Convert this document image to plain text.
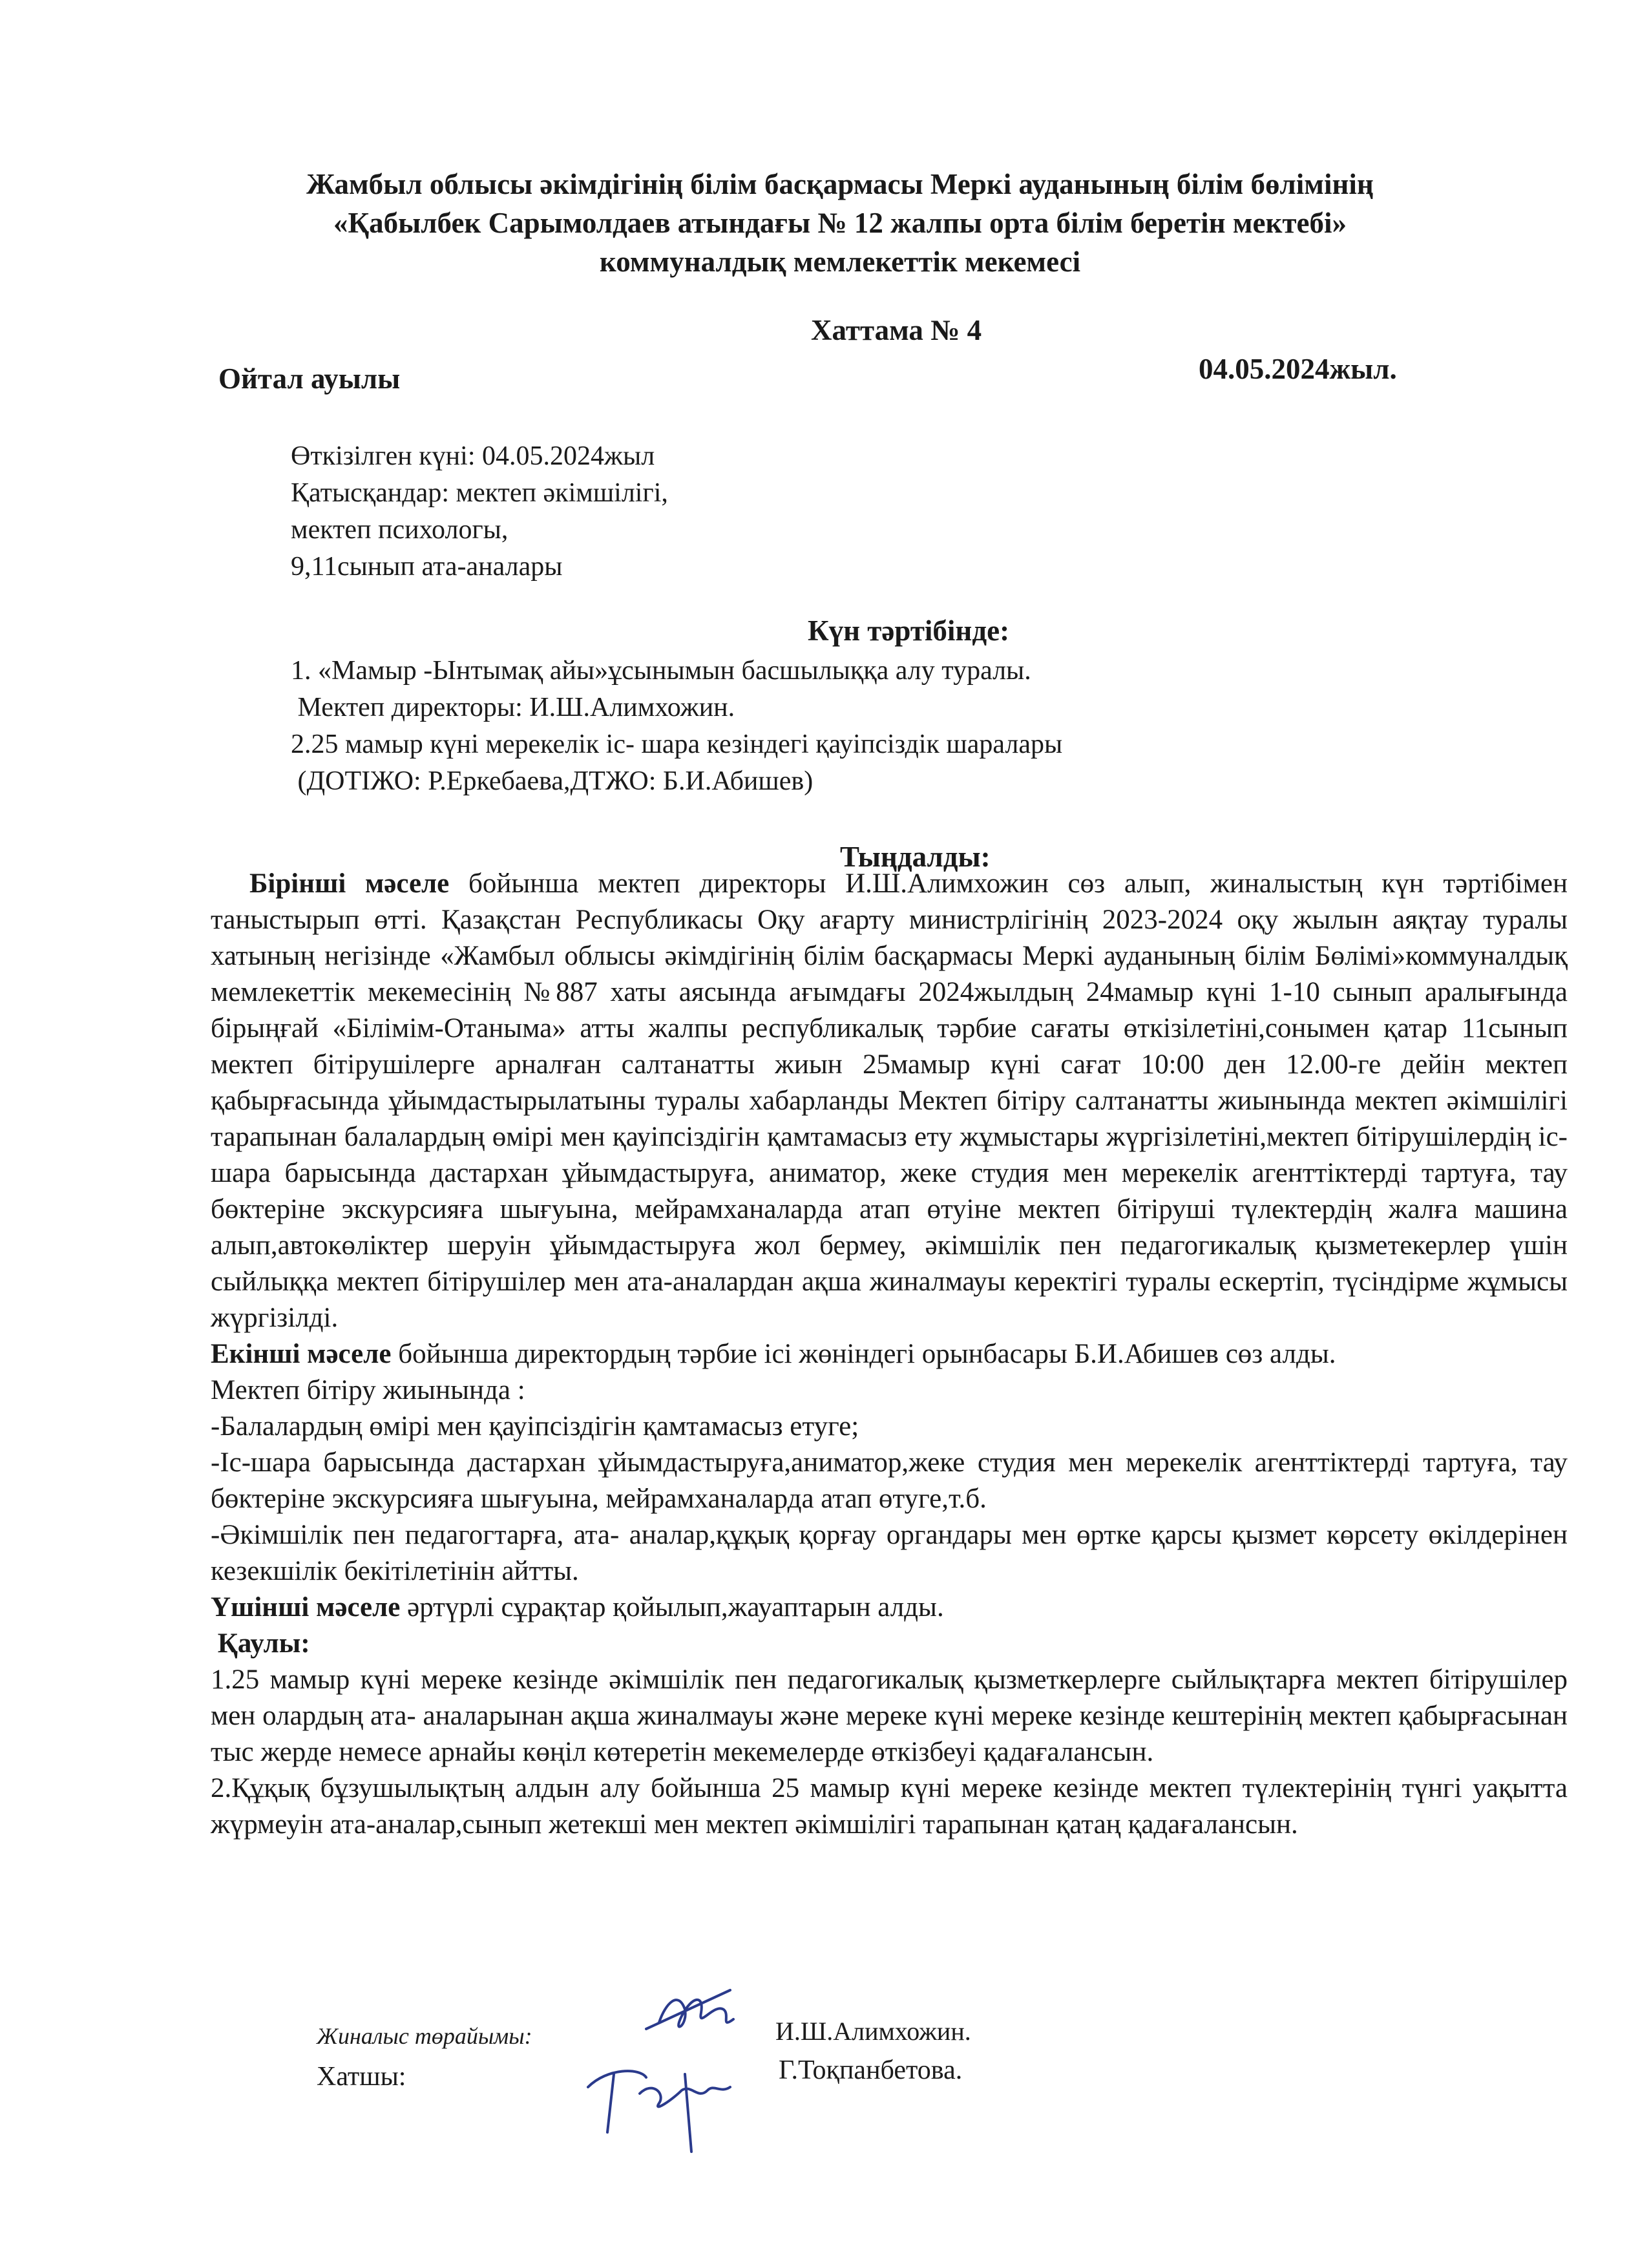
Жамбыл облысы әкімдігінің білім басқармасы Меркі ауданының білім бөлімінің
«Қабылбек Сарымолдаев атындағы № 12 жалпы орта білім беретін мектебі»
коммуналдық мемлекеттік мекемесі
Хаттама № 4
Ойтал ауылы	04.05.2024жыл.
Өткізілген күні: 04.05.2024жыл
Қатысқандар: мектеп әкімшілігі,
мектеп психологы,
9,11сынып ата-аналары
Күн тәртібінде:
1. «Мамыр -Ынтымақ айы»ұсынымын басшылыққа алу туралы.
Мектеп директоры: И.Ш.Алимхожин.
2.25 мамыр күні мерекелік іс- шара кезіндегі қауіпсіздік шаралары
(ДОТІЖО: Р.Еркебаева,ДТЖО: Б.И.Абишев)
Тыңдалды:

Бірінші мәселе бойынша мектеп директоры И.Ш.Алимхожин сөз алып, жиналыстың күн тәртібімен таныстырып өтті. Қазақстан Республикасы Оқу ағарту министрлігінің 2023-2024 оқу жылын аяқтау туралы хатының негізінде «Жамбыл облысы әкімдігінің білім басқармасы Меркі ауданының білім Бөлімі»коммуналдық мемлекеттік мекемесінің №887 хаты аясында ағымдағы 2024жылдың 24мамыр күні 1-10 сынып аралығында бірыңғай «Білімім-Отаныма» атты жалпы республикалық тәрбие сағаты өткізілетіні,сонымен қатар 11сынып мектеп бітірушілерге арналған салтанатты жиын 25мамыр күні сағат 10:00 ден 12.00-ге дейін мектеп қабырғасында ұйымдастырылатыны туралы хабарланды Мектеп бітіру салтанатты жиынында мектеп әкімшілігі тарапынан балалардың өмірі мен қауіпсіздігін қамтамасыз ету жұмыстары жүргізілетіні,мектеп бітірушілердің іс- шара барысында дастархан ұйымдастыруға, аниматор, жеке студия мен мерекелік агенттіктерді тартуға, тау бөктеріне экскурсияға шығуына, мейрамханаларда атап өтуіне мектеп бітіруші түлектердің жалға машина алып,автокөліктер шеруін ұйымдастыруға жол бермеу, әкімшілік пен педагогикалық қызметекерлер үшін сыйлыққа мектеп бітірушілер мен ата-аналардан ақша жиналмауы керектігі туралы ескертіп, түсіндірме жұмысы жүргізілді.

Екінші мәселе бойынша директордың тәрбие ісі жөніндегі орынбасары Б.И.Абишев сөз алды.

Мектеп бітіру жиынында :

-Балалардың өмірі мен қауіпсіздігін қамтамасыз етуге;

-Іс-шара барысында дастархан ұйымдастыруға,аниматор,жеке студия мен мерекелік агенттіктерді тартуға, тау бөктеріне экскурсияға шығуына, мейрамханаларда атап өтуге,т.б.

-Әкімшілік пен педагогтарға, ата- аналар,құқық қорғау органдары мен өртке қарсы қызмет көрсету өкілдерінен кезекшілік бекітілетінін айтты.

Үшінші мәселе әртүрлі сұрақтар қойылып,жауаптарын алды.

Қаулы:

1.25 мамыр күні мереке кезінде әкімшілік пен педагогикалық қызметкерлерге сыйлықтарға мектеп бітірушілер мен олардың ата- аналарынан ақша жиналмауы және мереке күні мереке кезінде кештерінің мектеп қабырғасынан тыс жерде немесе арнайы көңіл көтеретін мекемелерде өткізбеуі қадағалансын.

2.Құқық бұзушылықтың алдын алу бойынша 25 мамыр күні мереке кезінде мектеп түлектерінің түнгі уақытта жүрмеуін ата-аналар,сынып жетекші мен мектеп әкімшілігі тарапынан қатаң қадағалансын.

Жиналыс төрайымы:	И.Ш.Алимхожин.
Хатшы:	Г.Тоқпанбетова.
